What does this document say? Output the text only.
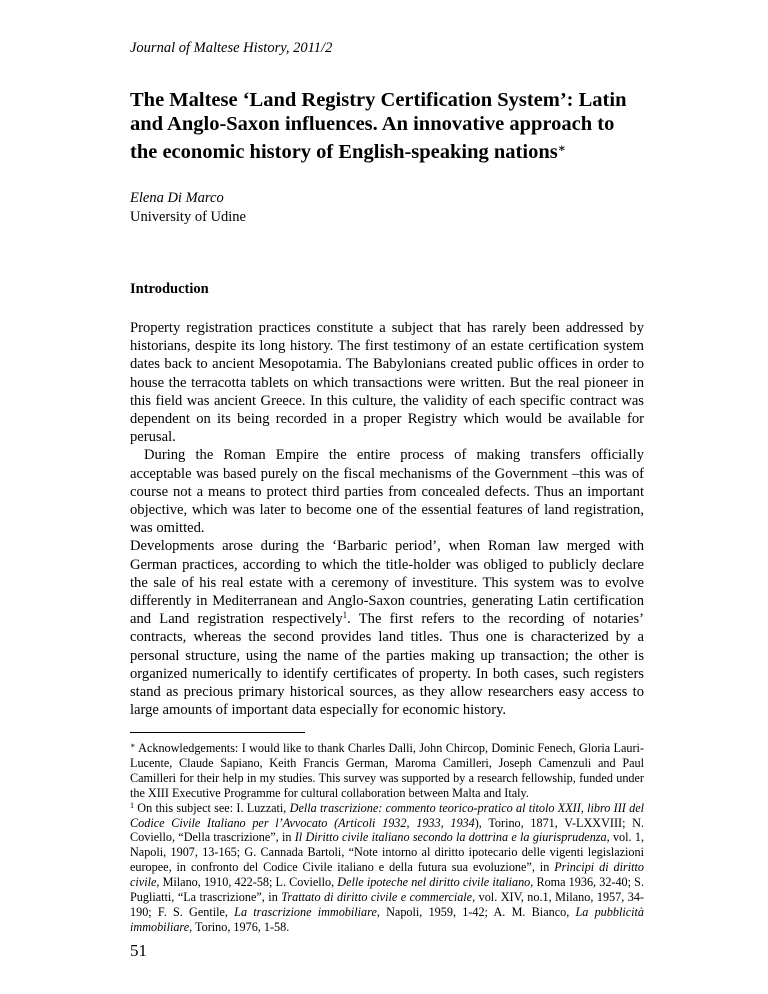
Journal of Maltese History, 2011/2
The Maltese ‘Land Registry Certification System’: Latin and Anglo-Saxon influences. An innovative approach to the economic history of English-speaking nations∗
Elena Di Marco
University of Udine
Introduction

Property registration practices constitute a subject that has rarely been addressed by historians, despite its long history. The first testimony of an estate certification system dates back to ancient Mesopotamia. The Babylonians created public offices in order to house the terracotta tablets on which transactions were written. But the real pioneer in this field was ancient Greece. In this culture, the validity of each specific contract was dependent on its being recorded in a proper Registry which would be available for perusal.

During the Roman Empire the entire process of making transfers officially acceptable was based purely on the fiscal mechanisms of the Government –this was of course not a means to protect third parties from concealed defects. Thus an important objective, which was later to become one of the essential features of land registration, was omitted.

Developments arose during the ‘Barbaric period’, when Roman law merged with German practices, according to which the title-holder was obliged to publicly declare the sale of his real estate with a ceremony of investiture. This system was to evolve differently in Mediterranean and Anglo-Saxon countries, generating Latin certification and Land registration respectively$^1$. The first refers to the recording of notaries’ contracts, whereas the second provides land titles. Thus one is characterized by a personal structure, using the name of the parties making up transaction; the other is organized numerically to identify certificates of property. In both cases, such registers stand as precious primary historical sources, as they allow researchers easy access to large amounts of important data especially for economic history.

∗ Acknowledgements: I would like to thank Charles Dalli, John Chircop, Dominic Fenech, Gloria Lauri-Lucente, Claude Sapiano, Keith Francis German, Maroma Camilleri, Joseph Camenzuli and Paul Camilleri for their help in my studies. This survey was supported by a research fellowship, funded under the XIII Executive Programme for cultural collaboration between Malta and Italy.

$^1$ On this subject see: I. Luzzati, Della trascrizione: commento teorico-pratico al titolo XXII, libro III del Codice Civile Italiano per l’Avvocato (Articoli 1932, 1933, 1934), Torino, 1871, V-LXXVIII; N. Coviello, “Della trascrizione”, in Il Diritto civile italiano secondo la dottrina e la giurisprudenza, vol. 1, Napoli, 1907, 13-165; G. Cannada Bartoli, “Note intorno al diritto ipotecario delle vigenti legislazioni europee, in confronto del Codice Civile italiano e della futura sua evoluzione”, in Principi di diritto civile, Milano, 1910, 422-58; L. Coviello, Delle ipoteche nel diritto civile italiano, Roma 1936, 32-40; S. Pugliatti, “La trascrizione”, in Trattato di diritto civile e commerciale, vol. XIV, no.1, Milano, 1957, 34-190; F. S. Gentile, La trascrizione immobiliare, Napoli, 1959, 1-42; A. M. Bianco, La pubblicità immobiliare, Torino, 1976, 1-58.

51
